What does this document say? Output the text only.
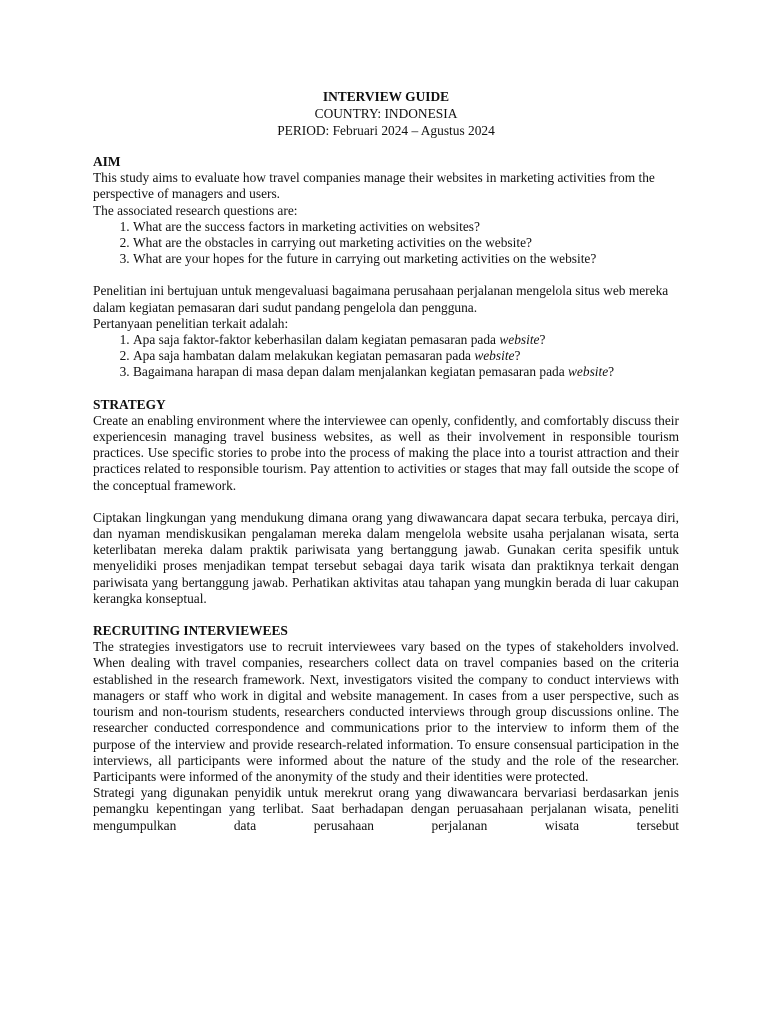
INTERVIEW GUIDE
COUNTRY: INDONESIA
PERIOD: Februari 2024 – Agustus 2024
AIM

This study aims to evaluate how travel companies manage their websites in marketing activities from the perspective of managers and users.

The associated research questions are:

1. What are the success factors in marketing activities on websites?
2. What are the obstacles in carrying out marketing activities on the website?
3. What are your hopes for the future in carrying out marketing activities on the website?

Penelitian ini bertujuan untuk mengevaluasi bagaimana perusahaan perjalanan mengelola situs web mereka dalam kegiatan pemasaran dari sudut pandang pengelola dan pengguna.

Pertanyaan penelitian terkait adalah:

1. Apa saja faktor-faktor keberhasilan dalam kegiatan pemasaran pada website?
2. Apa saja hambatan dalam melakukan kegiatan pemasaran pada website?
3. Bagaimana harapan di masa depan dalam menjalankan kegiatan pemasaran pada website?
STRATEGY

Create an enabling environment where the interviewee can openly, confidently, and comfortably discuss their experiencesin managing travel business websites, as well as their involvement in responsible tourism practices. Use specific stories to probe into the process of making the place into a tourist attraction and their practices related to responsible tourism. Pay attention to activities or stages that may fall outside the scope of the conceptual framework.

Ciptakan lingkungan yang mendukung dimana orang yang diwawancara dapat secara terbuka, percaya diri, dan nyaman mendiskusikan pengalaman mereka dalam mengelola website usaha perjalanan wisata, serta keterlibatan mereka dalam praktik pariwisata yang bertanggung jawab. Gunakan cerita spesifik untuk menyelidiki proses menjadikan tempat tersebut sebagai daya tarik wisata dan praktiknya terkait dengan pariwisata yang bertanggung jawab. Perhatikan aktivitas atau tahapan yang mungkin berada di luar cakupan kerangka konseptual.

RECRUITING INTERVIEWEES

The strategies investigators use to recruit interviewees vary based on the types of stakeholders involved. When dealing with travel companies, researchers collect data on travel companies based on the criteria established in the research framework. Next, investigators visited the company to conduct interviews with managers or staff who work in digital and website management. In cases from a user perspective, such as tourism and non-tourism students, researchers conducted interviews through group discussions online. The researcher conducted correspondence and communications prior to the interview to inform them of the purpose of the interview and provide research-related information. To ensure consensual participation in the interviews, all participants were informed about the nature of the study and the role of the researcher. Participants were informed of the anonymity of the study and their identities were protected.

Strategi yang digunakan penyidik untuk merekrut orang yang diwawancara bervariasi berdasarkan jenis pemangku kepentingan yang terlibat. Saat berhadapan dengan peruasahaan perjalanan wisata, peneliti mengumpulkan data perusahaan perjalanan wisata tersebut
